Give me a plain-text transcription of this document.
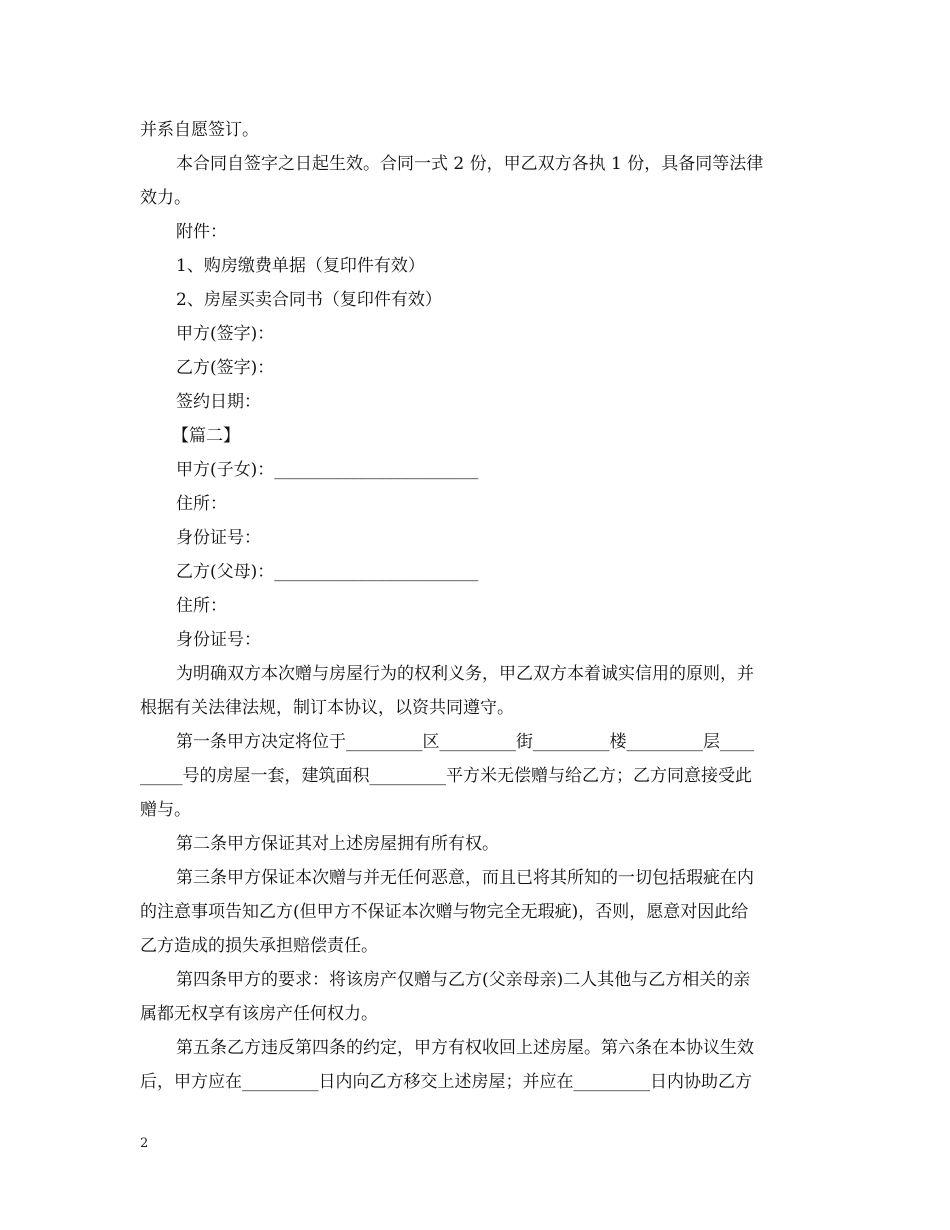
并系自愿签订。
本合同自签字之日起生效。合同一式 2 份，甲乙双方各执 1 份，具备同等法律
效力。
附件：
1、购房缴费单据（复印件有效）
2、房屋买卖合同书（复印件有效）
甲方(签字)：
乙方(签字)：
签约日期：
【篇二】
甲方(子女)：________________________
住所：
身份证号：
乙方(父母)：________________________
住所：
身份证号：
为明确双方本次赠与房屋行为的权利义务，甲乙双方本着诚实信用的原则，并
根据有关法律法规，制订本协议，以资共同遵守。
第一条甲方决定将位于_________区_________街_________楼_________层____
_____号的房屋一套，建筑面积_________平方米无偿赠与给乙方；乙方同意接受此
赠与。
第二条甲方保证其对上述房屋拥有所有权。
第三条甲方保证本次赠与并无任何恶意，而且已将其所知的一切包括瑕疵在内
的注意事项告知乙方(但甲方不保证本次赠与物完全无瑕疵)，否则，愿意对因此给
乙方造成的损失承担赔偿责任。
第四条甲方的要求：将该房产仅赠与乙方(父亲母亲)二人其他与乙方相关的亲
属都无权享有该房产任何权力。
第五条乙方违反第四条的约定，甲方有权收回上述房屋。第六条在本协议生效
后，甲方应在_________日内向乙方移交上述房屋；并应在_________日内协助乙方
2
